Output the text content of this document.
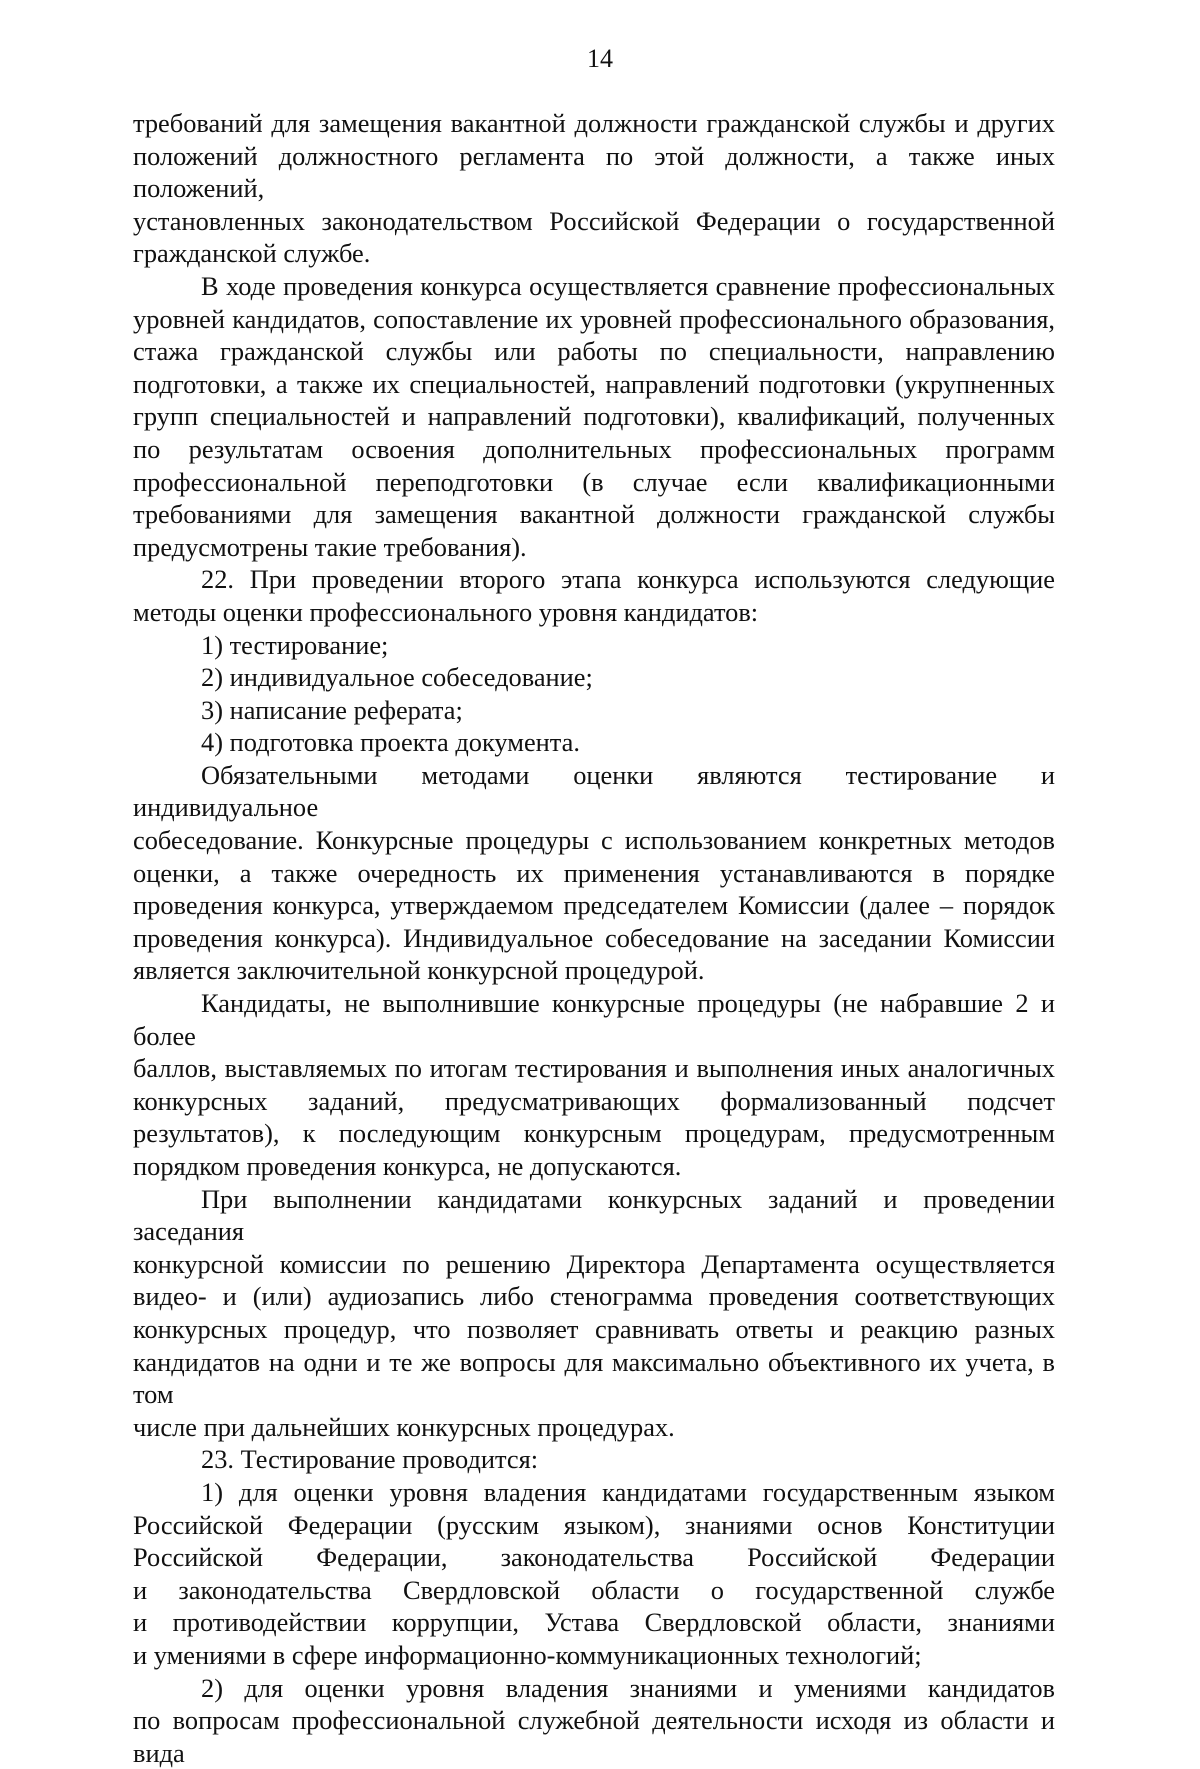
14
требований для замещения вакантной должности гражданской службы и других
положений должностного регламента по этой должности, а также иных положений,
установленных законодательством Российской Федерации о государственной
гражданской службе.
В ходе проведения конкурса осуществляется сравнение профессиональных
уровней кандидатов, сопоставление их уровней профессионального образования,
стажа гражданской службы или работы по специальности, направлению
подготовки, а также их специальностей, направлений подготовки (укрупненных
групп специальностей и направлений подготовки), квалификаций, полученных
по результатам освоения дополнительных профессиональных программ
профессиональной переподготовки (в случае если квалификационными
требованиями для замещения вакантной должности гражданской службы
предусмотрены такие требования).
22. При проведении второго этапа конкурса используются следующие
методы оценки профессионального уровня кандидатов:
1) тестирование;
2) индивидуальное собеседование;
3) написание реферата;
4) подготовка проекта документа.
Обязательными методами оценки являются тестирование и индивидуальное
собеседование. Конкурсные процедуры с использованием конкретных методов
оценки, а также очередность их применения устанавливаются в порядке
проведения конкурса, утверждаемом председателем Комиссии (далее – порядок
проведения конкурса). Индивидуальное собеседование на заседании Комиссии
является заключительной конкурсной процедурой.
Кандидаты, не выполнившие конкурсные процедуры (не набравшие 2 и более
баллов, выставляемых по итогам тестирования и выполнения иных аналогичных
конкурсных заданий, предусматривающих формализованный подсчет
результатов), к последующим конкурсным процедурам, предусмотренным
порядком проведения конкурса, не допускаются.
При выполнении кандидатами конкурсных заданий и проведении заседания
конкурсной комиссии по решению Директора Департамента осуществляется
видео- и (или) аудиозапись либо стенограмма проведения соответствующих
конкурсных процедур, что позволяет сравнивать ответы и реакцию разных
кандидатов на одни и те же вопросы для максимально объективного их учета, в том
числе при дальнейших конкурсных процедурах.
23. Тестирование проводится:
1) для оценки уровня владения кандидатами государственным языком
Российской Федерации (русским языком), знаниями основ Конституции
Российской Федерации, законодательства Российской Федерации
и законодательства Свердловской области о государственной службе
и противодействии коррупции, Устава Свердловской области, знаниями
и умениями в сфере информационно-коммуникационных технологий;
2) для оценки уровня владения знаниями и умениями кандидатов
по вопросам профессиональной служебной деятельности исходя из области и вида
